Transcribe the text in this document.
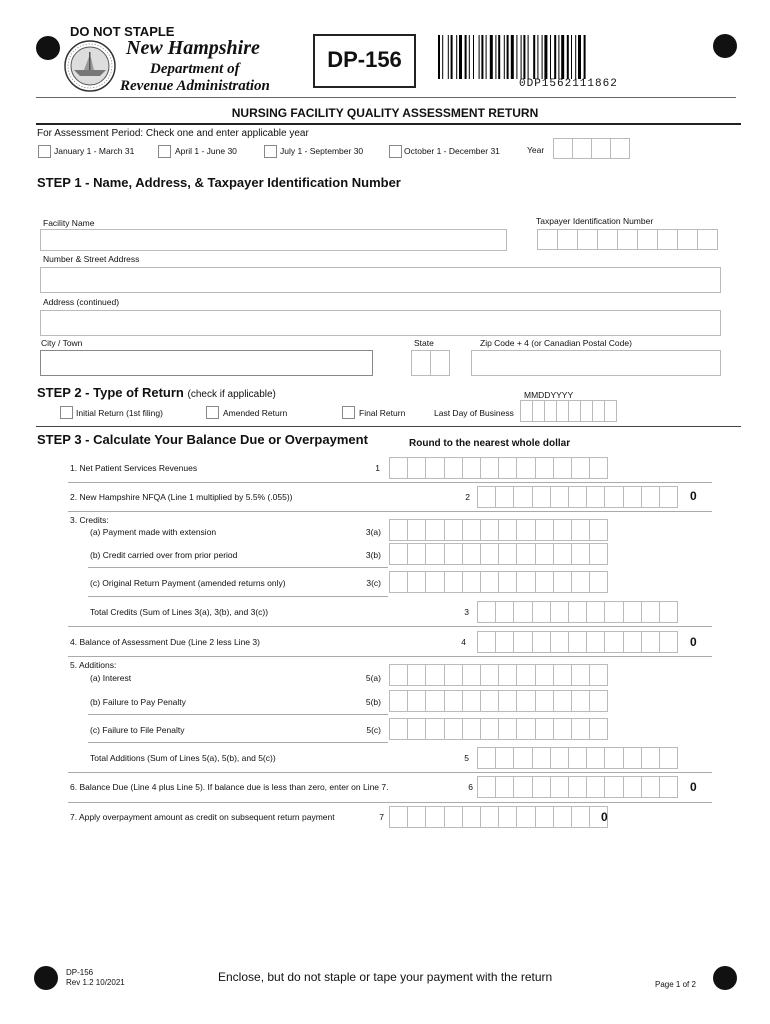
DO NOT STAPLE
New Hampshire
Department of
Revenue Administration
DP-156
0DP1562111862
NURSING FACILITY QUALITY ASSESSMENT RETURN
For Assessment Period: Check one and enter applicable year
January 1 - March 31	April 1 - June 30	July 1 - September 30	October 1 - December 31	Year
STEP 1 - Name, Address, & Taxpayer Identification Number
Facility Name	Taxpayer Identification Number
Number & Street Address
Address (continued)
City / Town	State	Zip Code + 4 (or Canadian Postal Code)
STEP 2 - Type of Return (check if applicable)	MMDDYYYY
Initial Return (1st filing)	Amended Return	Final Return	Last Day of Business
STEP 3 - Calculate Your Balance Due or Overpayment	Round to the nearest whole dollar
1. Net Patient Services Revenues	1
2. New Hampshire NFQA (Line 1 multiplied by 5.5% (.055))	2	0
3. Credits:
(a) Payment made with extension	3(a)
(b) Credit carried over from prior period	3(b)
(c) Original Return Payment (amended returns only)	3(c)
Total Credits (Sum of Lines 3(a), 3(b), and 3(c))	3
4. Balance of Assessment Due (Line 2 less Line 3)	4	0
5. Additions:
(a) Interest	5(a)
(b) Failure to Pay Penalty	5(b)
(c) Failure to File Penalty	5(c)
Total Additions (Sum of Lines 5(a), 5(b), and 5(c))	5
6. Balance Due (Line 4 plus Line 5). If balance due is less than zero, enter on Line 7.	6	0
7. Apply overpayment amount as credit on subsequent return payment	7	0
DP-156
Rev 1.2 10/2021	Enclose, but do not staple or tape your payment with the return
Page 1 of 2
